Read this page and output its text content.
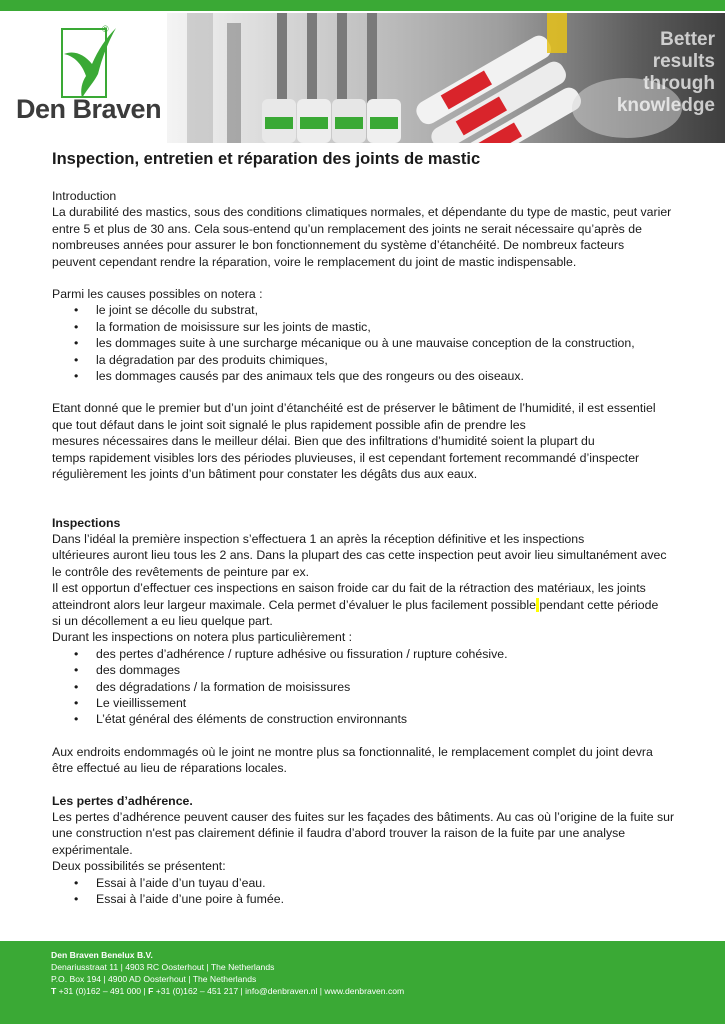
®
Den Braven
Better
results
through
knowledge
Inspection, entretien et réparation des joints de mastic

Introduction

La durabilité des mastics, sous des conditions climatiques normales, et dépendante du type de mastic, peut varier

entre 5 et plus de 30 ans. Cela sous-entend qu’un remplacement des joints ne serait nécessaire qu’après de

nombreuses années pour assurer le bon fonctionnement du système d’étanchéité. De nombreux facteurs

peuvent cependant rendre la réparation, voire le remplacement du joint de mastic indispensable.

Parmi les causes possibles on notera :

• le joint se décolle du substrat,
• la formation de moisissure sur les joints de mastic,
• les dommages suite à une surcharge mécanique ou à une mauvaise conception de la construction,
• la dégradation par des produits chimiques,
• les dommages causés par des animaux tels que des rongeurs ou des oiseaux.

Etant donné que le premier but d’un joint d’étanchéité est de préserver le bâtiment de l’humidité, il est essentiel

que tout défaut dans le joint soit signalé le plus rapidement possible afin de prendre les

mesures nécessaires dans le meilleur délai. Bien que des infiltrations d’humidité soient la plupart du

temps rapidement visibles lors des périodes pluvieuses, il est cependant fortement recommandé d’inspecter

régulièrement les joints d’un bâtiment pour constater les dégâts dus aux eaux.

Inspections

Dans l’idéal la première inspection s’effectuera 1 an après la réception définitive et les inspections

ultérieures auront lieu tous les 2 ans. Dans la plupart des cas cette inspection peut avoir lieu simultanément avec

le contrôle des revêtements de peinture par ex.

Il est opportun d’effectuer ces inspections en saison froide car du fait de la rétraction des matériaux, les joints

atteindront alors leur largeur maximale. Cela permet d’évaluer le plus facilement possible pendant cette période

si un décollement a eu lieu quelque part.

Durant les inspections on notera plus particulièrement :

• des pertes d’adhérence / rupture adhésive ou fissuration / rupture cohésive.
• des dommages
• des dégradations / la formation de moisissures
• Le vieillissement
• L’état général des éléments de construction environnants

Aux endroits endommagés où le joint ne montre plus sa fonctionnalité, le remplacement complet du joint devra

être effectué au lieu de réparations locales.

Les pertes d’adhérence.

Les pertes d’adhérence peuvent causer des fuites sur les façades des bâtiments. Au cas où l’origine de la fuite sur

une construction n'est pas clairement définie il faudra d’abord trouver la raison de la fuite par une analyse

expérimentale.

Deux possibilités se présentent:

• Essai à l’aide d’un tuyau d’eau.
• Essai à l’aide d’une poire à fumée.
Den Braven Benelux B.V.
Denariusstraat 11 | 4903 RC Oosterhout | The Netherlands
P.O. Box 194 | 4900 AD Oosterhout | The Netherlands
T +31 (0)162 – 491 000 | F +31 (0)162 – 451 217 | info@denbraven.nl | www.denbraven.com
